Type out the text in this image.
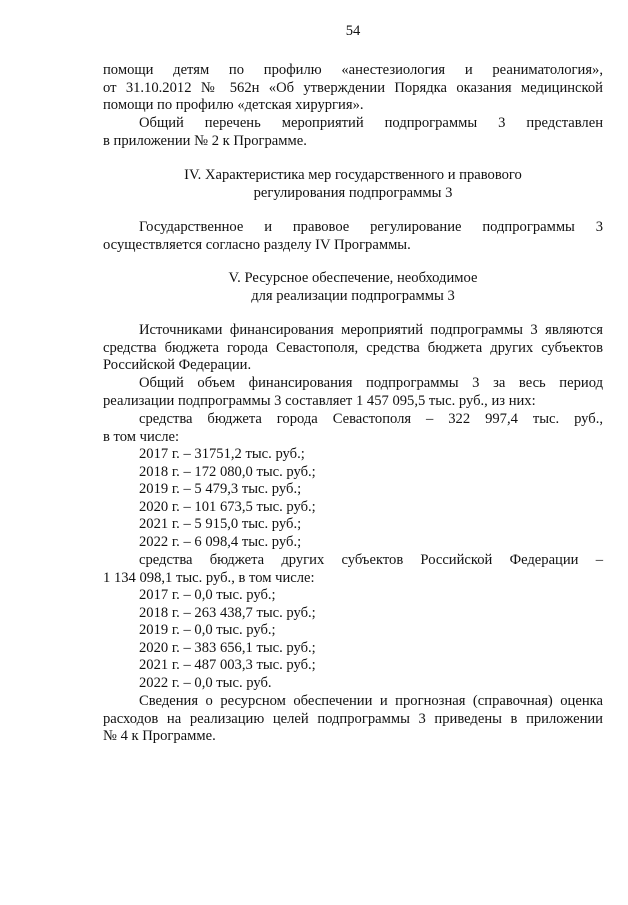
54

помощи детям по профилю «анестезиология и реаниматология»,

от 31.10.2012 № 562н «Об утверждении Порядка оказания медицинской

помощи по профилю «детская хирургия».

Общий перечень мероприятий подпрограммы 3 представлен

в приложении № 2 к Программе.

IV. Характеристика мер государственного и правового

регулирования подпрограммы 3

Государственное и правовое регулирование подпрограммы 3

осуществляется согласно разделу IV Программы.

V. Ресурсное обеспечение, необходимое

для реализации подпрограммы 3

Источниками финансирования мероприятий подпрограммы 3 являются

средства бюджета города Севастополя, средства бюджета других субъектов

Российской Федерации.

Общий объем финансирования подпрограммы 3 за весь период

реализации подпрограммы 3 составляет 1 457 095,5 тыс. руб., из них:

средства бюджета города Севастополя – 322 997,4 тыс. руб.,

в том числе:

2017 г. – 31751,2 тыс. руб.;

2018 г. – 172 080,0 тыс. руб.;

2019 г. – 5 479,3 тыс. руб.;

2020 г. – 101 673,5 тыс. руб.;

2021 г. – 5 915,0 тыс. руб.;

2022 г. – 6 098,4 тыс. руб.;

средства бюджета других субъектов Российской Федерации –

1 134 098,1 тыс. руб., в том числе:

2017 г. – 0,0 тыс. руб.;

2018 г. – 263 438,7 тыс. руб.;

2019 г. – 0,0 тыс. руб.;

2020 г. – 383 656,1 тыс. руб.;

2021 г. – 487 003,3 тыс. руб.;

2022 г. – 0,0 тыс. руб.

Сведения о ресурсном обеспечении и прогнозная (справочная) оценка

расходов на реализацию целей подпрограммы 3 приведены в приложении

№ 4 к Программе.
